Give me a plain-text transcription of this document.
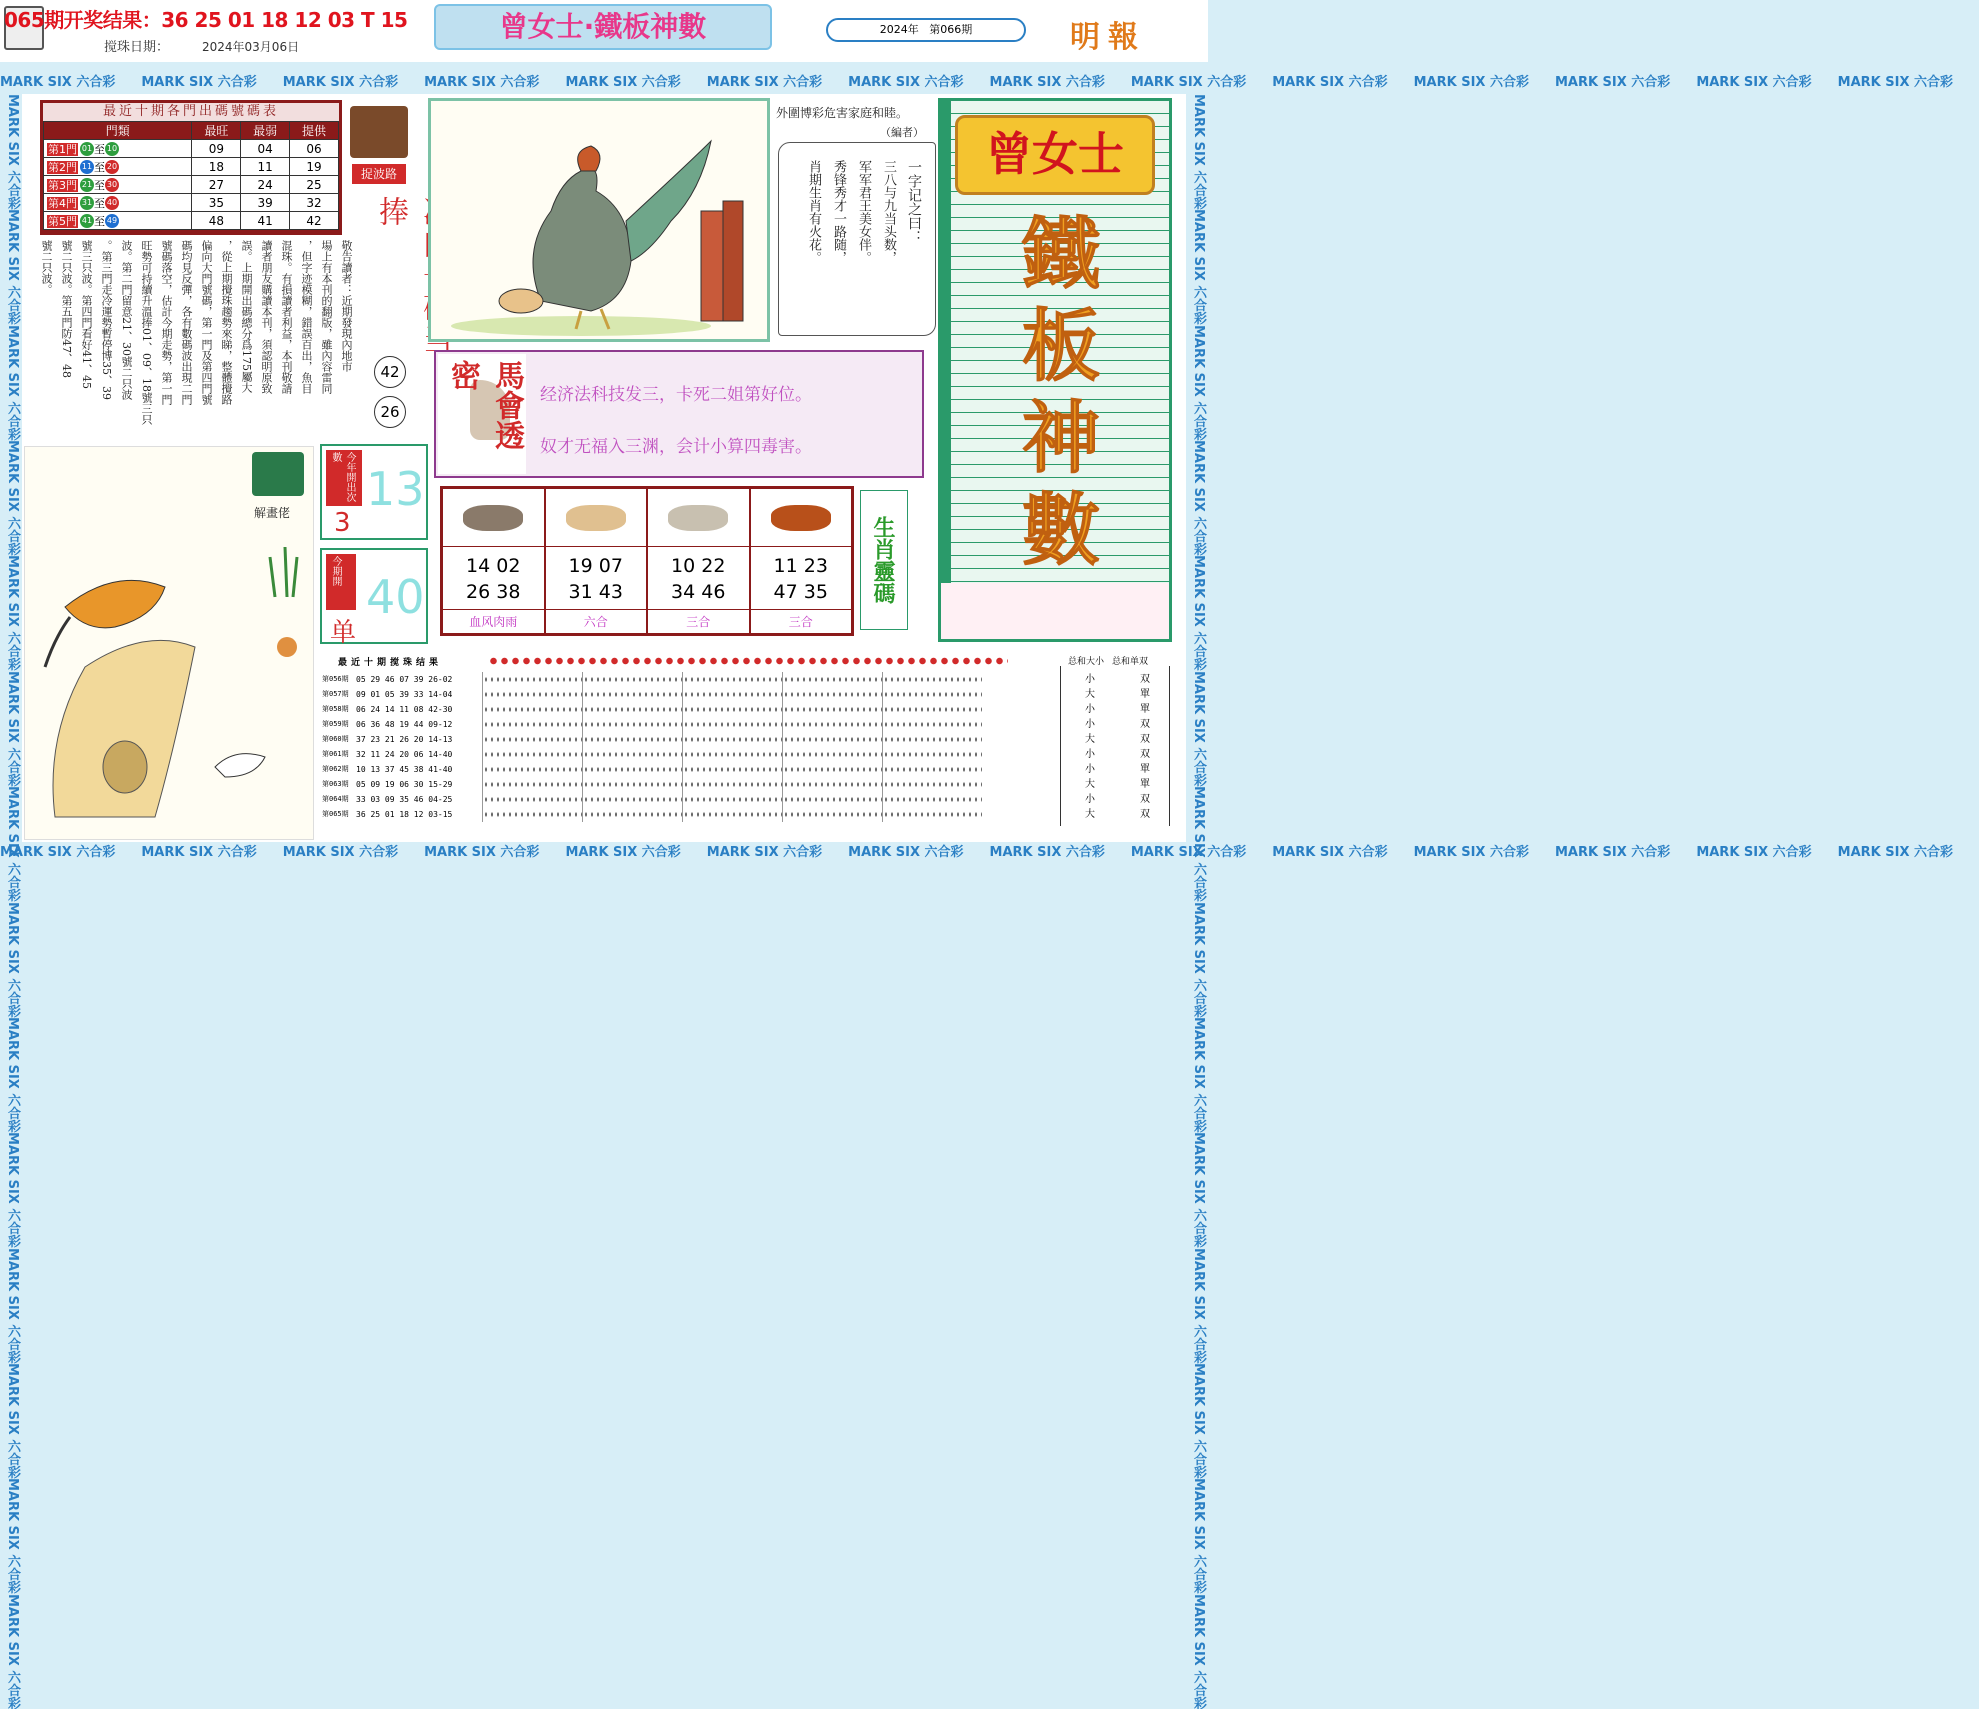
065期开奖结果：36 25 01 18 12 03 T 15
搅珠日期：	2024年03月06日
曾女士·鐵板神數	2024年 第066期	明報
MARK SIX 六合彩 MARK SIX 六合彩 MARK SIX 六合彩 MARK SIX 六合彩 MARK SIX 六合彩 MARK SIX 六合彩 MARK SIX 六合彩 MARK SIX 六合彩 MARK SIX 六合彩 MARK SIX 六合彩 MARK SIX 六合彩 MARK SIX 六合彩 MARK SIX 六合彩 MARK SIX 六合彩
MARK SIX 六合彩 MARK SIX 六合彩 MARK SIX 六合彩 MARK SIX 六合彩 MARK SIX 六合彩 MARK SIX 六合彩 MARK SIX 六合彩 MARK SIX 六合彩 MARK SIX 六合彩 MARK SIX 六合彩 MARK SIX 六合彩 MARK SIX 六合彩 MARK SIX 六合彩 MARK SIX 六合彩
MARK SIX 六合彩MARK SIX 六合彩MARK SIX 六合彩MARK SIX 六合彩MARK SIX 六合彩MARK SIX 六合彩MARK SIX 六合彩MARK SIX 六合彩MARK SIX 六合彩MARK SIX 六合彩MARK SIX 六合彩MARK SIX 六合彩MARK SIX 六合彩MARK SIX 六合彩
MARK SIX 六合彩MARK SIX 六合彩MARK SIX 六合彩MARK SIX 六合彩MARK SIX 六合彩MARK SIX 六合彩MARK SIX 六合彩MARK SIX 六合彩MARK SIX 六合彩MARK SIX 六合彩MARK SIX 六合彩MARK SIX 六合彩MARK SIX 六合彩MARK SIX 六合彩
最近十期各門出碼號碼表
門類	最旺	最弱	提供
第1門 01 至 10	09	04	06
第2門 11 至 20	18	11	19
第3門 21 至 30	27	24	25
第4門 31 至 40	35	39	32
第5門 41 至 49	48	41	42
敬告讀者：近期發現內地市
場上有本刊的翻版，雖內容雷同
，但字迹模糊，錯誤百出，魚目
混珠。有損讀者利益，本刊敬請
讀者朋友購讀本刊，須認明原致
誤。上期開出碼總分爲175屬大
，從上期攪珠趨勢來睇，整體攪路
偏向大門號碼，第一門及第四門號
碼均見反彈，各有數碼波出現二門
號碼落空，估計今期走勢，第一門
旺勢可持續升溫捧01、09、18號三只
波。第二門留意21、30號二只波
。第三門走冷運勢暫停博35、39
號三只波。第四門看好41、45
號二只波。第五門防47、48
號二只波。
捉波路
捧
42
26
外圍博彩危害家庭和睦。
（編者）
一字记之曰：
三八与九当头数，
军军君王美女伴。
秀锋秀才一路随，
肖期生肖有火花。
馬會透密
经济法科技发三，卡死二姐第好位。
奴才无福入三渊，会计小算四毒害。
曾女士
鐵
板
神
數
今年開出次數
3
13
今期開
单
40
解畫佬
14 02
26 38
血风肉雨
19 07
31 43
六合
10 22
34 46
三合
11 23
47 35
三合
生肖靈碼
最近十期搅珠结果
第056期 05 29 46 07 39 26-02
第057期 09 01 05 39 33 14-04
第058期 06 24 14 11 08 42-30
第059期 06 36 48 19 44 09-12
第060期 37 23 21 26 20 14-13
第061期 32 11 24 20 06 14-40
第062期 10 13 37 45 38 41-40
第063期 05 09 19 06 30 15-29
第064期 33 03 09 35 46 04-25
第065期 36 25 01 18 12 03-15
总和大小 总和单双
小	双
大	單
小	單
小	双
大	双
小	双
小	單
大	單
小	双
大	双
